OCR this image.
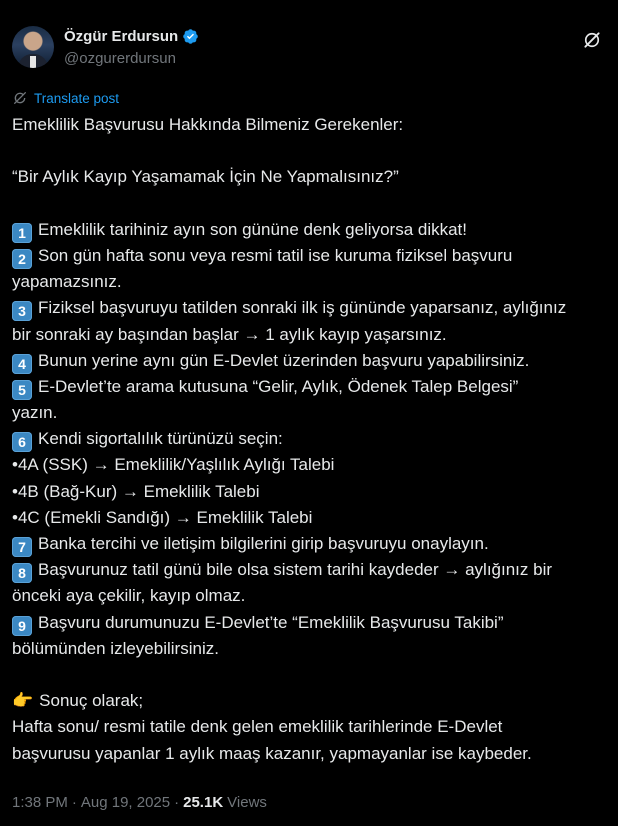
Özgür Erdursun
@ozgurerdursun
Translate post
Emeklilik Başvurusu Hakkında Bilmeniz Gerekenler:
“Bir Aylık Kayıp Yaşamamak İçin Ne Yapmalısınız?”
1 Emeklilik tarihiniz ayın son gününe denk geliyorsa dikkat!
2 Son gün hafta sonu veya resmi tatil ise kuruma fiziksel başvuru
yapamazsınız.
3 Fiziksel başvuruyu tatilden sonraki ilk iş gününde yaparsanız, aylığınız
bir sonraki ay başından başlar → 1 aylık kayıp yaşarsınız.
4 Bunun yerine aynı gün E-Devlet üzerinden başvuru yapabilirsiniz.
5 E-Devlet’te arama kutusuna “Gelir, Aylık, Ödenek Talep Belgesi”
yazın.
6 Kendi sigortalılık türünüzü seçin:
•4A (SSK) → Emeklilik/Yaşlılık Aylığı Talebi
•4B (Bağ-Kur) → Emeklilik Talebi
•4C (Emekli Sandığı) → Emeklilik Talebi
7 Banka tercihi ve iletişim bilgilerini girip başvuruyu onaylayın.
8 Başvurunuz tatil günü bile olsa sistem tarihi kaydeder → aylığınız bir
önceki aya çekilir, kayıp olmaz.
9 Başvuru durumunuzu E-Devlet’te “Emeklilik Başvurusu Takibi”
bölümünden izleyebilirsiniz.
👉 Sonuç olarak;
Hafta sonu/ resmi tatile denk gelen emeklilik tarihlerinde E-Devlet
başvurusu yapanlar 1 aylık maaş kazanır, yapmayanlar ise kaybeder.
1:38 PM · Aug 19, 2025 · 25.1K Views
